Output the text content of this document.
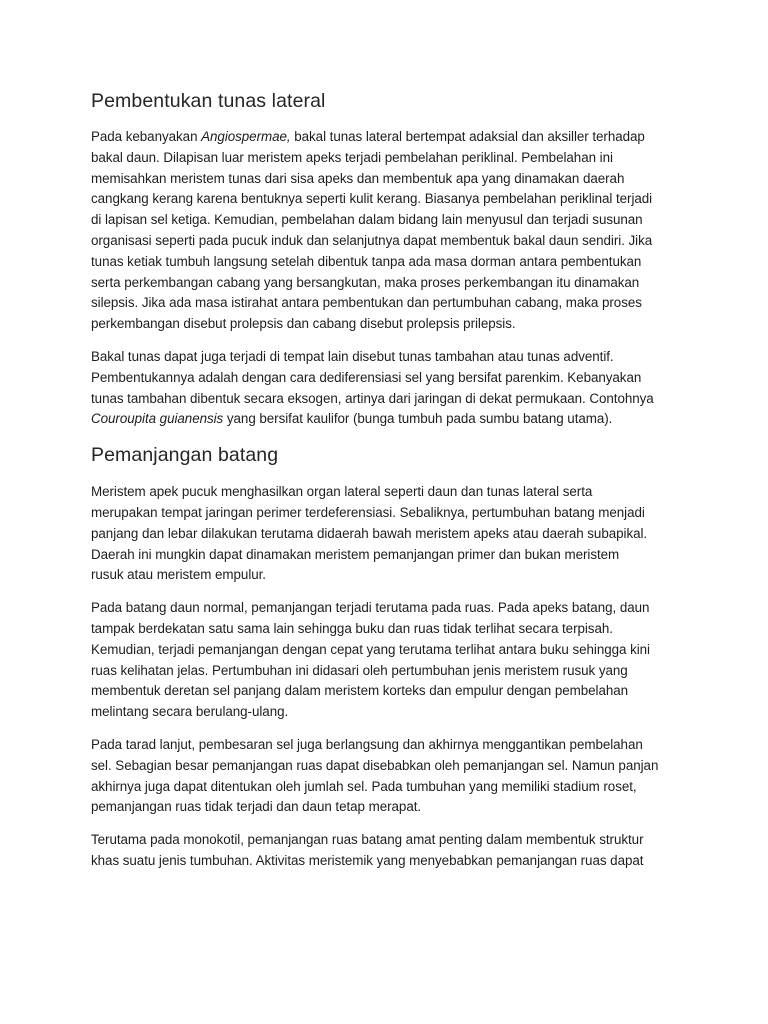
Pembentukan tunas lateral

Pada kebanyakan Angiospermae, bakal tunas lateral bertempat adaksial dan aksiller terhadap
bakal daun. Dilapisan luar meristem apeks terjadi pembelahan periklinal. Pembelahan ini
memisahkan meristem tunas dari sisa apeks dan membentuk apa yang dinamakan daerah
cangkang kerang karena bentuknya seperti kulit kerang. Biasanya pembelahan periklinal terjadi
di lapisan sel ketiga. Kemudian, pembelahan dalam bidang lain menyusul dan terjadi susunan
organisasi seperti pada pucuk induk dan selanjutnya dapat membentuk bakal daun sendiri. Jika
tunas ketiak tumbuh langsung setelah dibentuk tanpa ada masa dorman antara pembentukan
serta perkembangan cabang yang bersangkutan, maka proses perkembangan itu dinamakan
silepsis. Jika ada masa istirahat antara pembentukan dan pertumbuhan cabang, maka proses
perkembangan disebut prolepsis dan cabang disebut prolepsis prilepsis.

Bakal tunas dapat juga terjadi di tempat lain disebut tunas tambahan atau tunas adventif.
Pembentukannya adalah dengan cara dediferensiasi sel yang bersifat parenkim. Kebanyakan
tunas tambahan dibentuk secara eksogen, artinya dari jaringan di dekat permukaan. Contohnya
Couroupita guianensis yang bersifat kaulifor (bunga tumbuh pada sumbu batang utama).

Pemanjangan batang

Meristem apek pucuk menghasilkan organ lateral seperti daun dan tunas lateral serta
merupakan tempat jaringan perimer terdeferensiasi. Sebaliknya, pertumbuhan batang menjadi
panjang dan lebar dilakukan terutama didaerah bawah meristem apeks atau daerah subapikal.
Daerah ini mungkin dapat dinamakan meristem pemanjangan primer dan bukan meristem
rusuk atau meristem empulur.

Pada batang daun normal, pemanjangan terjadi terutama pada ruas. Pada apeks batang, daun
tampak berdekatan satu sama lain sehingga buku dan ruas tidak terlihat secara terpisah.
Kemudian, terjadi pemanjangan dengan cepat yang terutama terlihat antara buku sehingga kini
ruas kelihatan jelas. Pertumbuhan ini didasari oleh pertumbuhan jenis meristem rusuk yang
membentuk deretan sel panjang dalam meristem korteks dan empulur dengan pembelahan
melintang secara berulang-ulang.

Pada tarad lanjut, pembesaran sel juga berlangsung dan akhirnya menggantikan pembelahan
sel. Sebagian besar pemanjangan ruas dapat disebabkan oleh pemanjangan sel. Namun panjan
akhirnya juga dapat ditentukan oleh jumlah sel. Pada tumbuhan yang memiliki stadium roset,
pemanjangan ruas tidak terjadi dan daun tetap merapat.

Terutama pada monokotil, pemanjangan ruas batang amat penting dalam membentuk struktur
khas suatu jenis tumbuhan. Aktivitas meristemik yang menyebabkan pemanjangan ruas dapat
